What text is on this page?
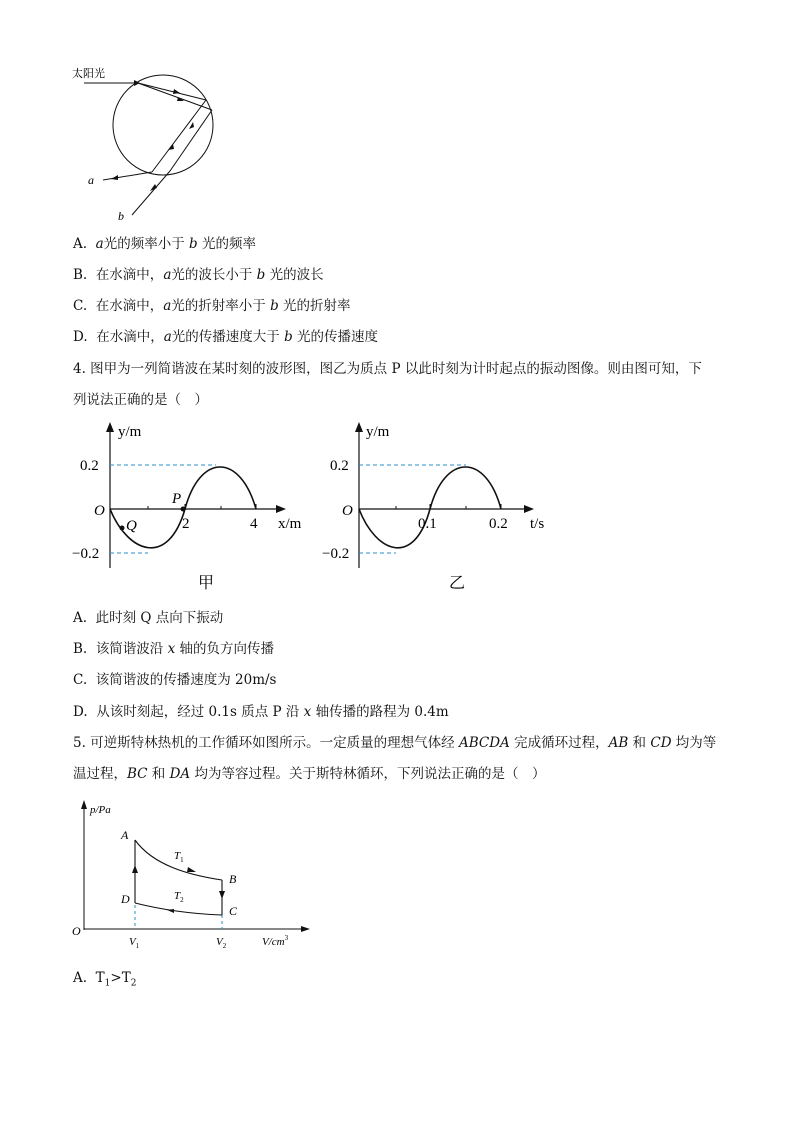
太阳光
a
b
A. a光的频率小于 b 光的频率
B. 在水滴中，a光的波长小于 b 光的波长
C. 在水滴中，a光的折射率小于 b 光的折射率
D. 在水滴中，a光的传播速度大于 b 光的传播速度
4. 图甲为一列简谐波在某时刻的波形图，图乙为质点 P 以此时刻为计时起点的振动图像。则由图可知，下
列说法正确的是（　）
y/m
0.2
−0.2
O
2	4 x/m
P
Q
甲
y/m
0.2
−0.2
O
0.1	0.2 t/s
乙
A. 此时刻 Q 点向下振动
B. 该简谐波沿 x 轴的负方向传播
C. 该简谐波的传播速度为 20m/s
D. 从该时刻起，经过 0.1s 质点 P 沿 x 轴传播的路程为 0.4m
5. 可逆斯特林热机的工作循环如图所示。一定质量的理想气体经 ABCDA 完成循环过程，AB 和 CD 均为等
温过程，BC 和 DA 均为等容过程。关于斯特林循环，下列说法正确的是（　）
p/Pa
O
A
B
C
D
$T_1$
$T_2$
$V_1$	$V_2$	$V/cm^3$
A. $T_1>T_2$
